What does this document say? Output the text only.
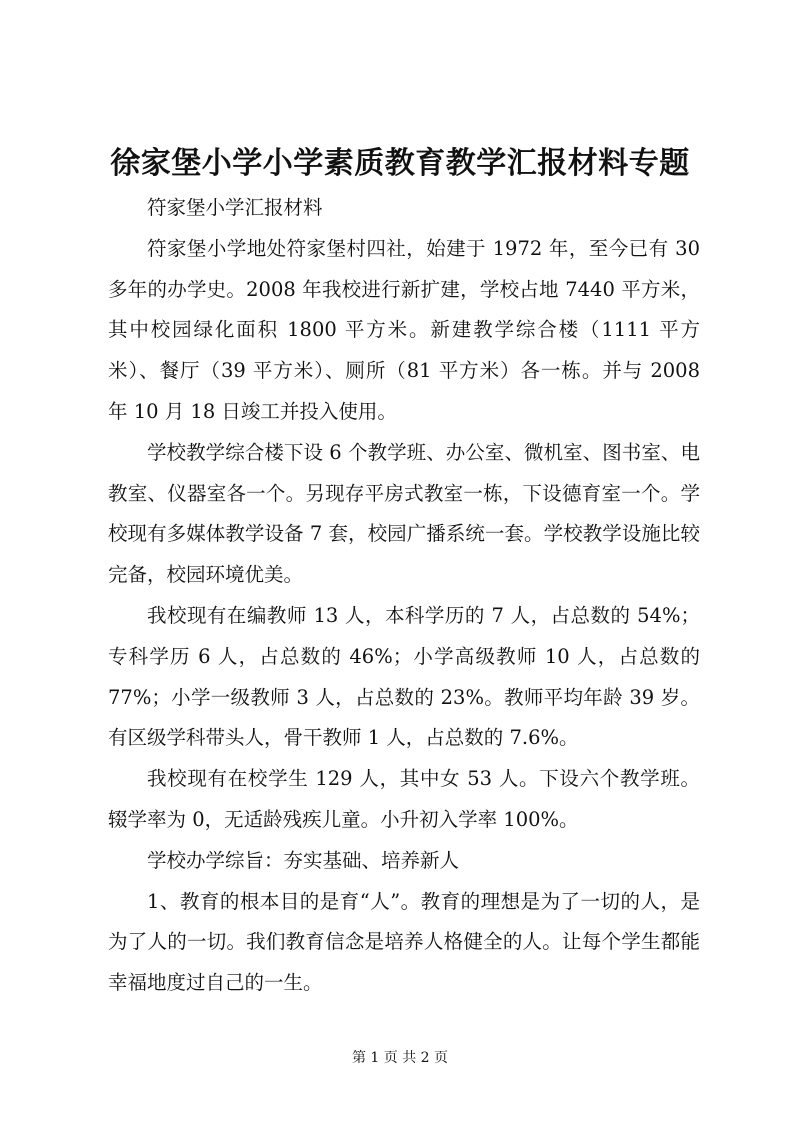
徐家堡小学小学素质教育教学汇报材料专题

符家堡小学汇报材料

符家堡小学地处符家堡村四社，始建于 1972 年，至今已有 30 多年的办学史。2008 年我校进行新扩建，学校占地 7440 平方米，其中校园绿化面积 1800 平方米。新建教学综合楼（1111 平方米）、餐厅（39 平方米）、厕所（81 平方米）各一栋。并与 2008 年 10 月 18 日竣工并投入使用。

学校教学综合楼下设 6 个教学班、办公室、微机室、图书室、电教室、仪器室各一个。另现存平房式教室一栋，下设德育室一个。学校现有多媒体教学设备 7 套，校园广播系统一套。学校教学设施比较完备，校园环境优美。

我校现有在编教师 13 人，本科学历的 7 人，占总数的 54%；专科学历 6 人，占总数的 46%；小学高级教师 10 人，占总数的 77%；小学一级教师 3 人，占总数的 23%。教师平均年龄 39 岁。有区级学科带头人，骨干教师 1 人，占总数的 7.6%。

我校现有在校学生 129 人，其中女 53 人。下设六个教学班。辍学率为 0，无适龄残疾儿童。小升初入学率 100%。

学校办学综旨：夯实基础、培养新人

1、教育的根本目的是育“人”。教育的理想是为了一切的人，是为了人的一切。我们教育信念是培养人格健全的人。让每个学生都能幸福地度过自己的一生。

第 1 页 共 2 页
